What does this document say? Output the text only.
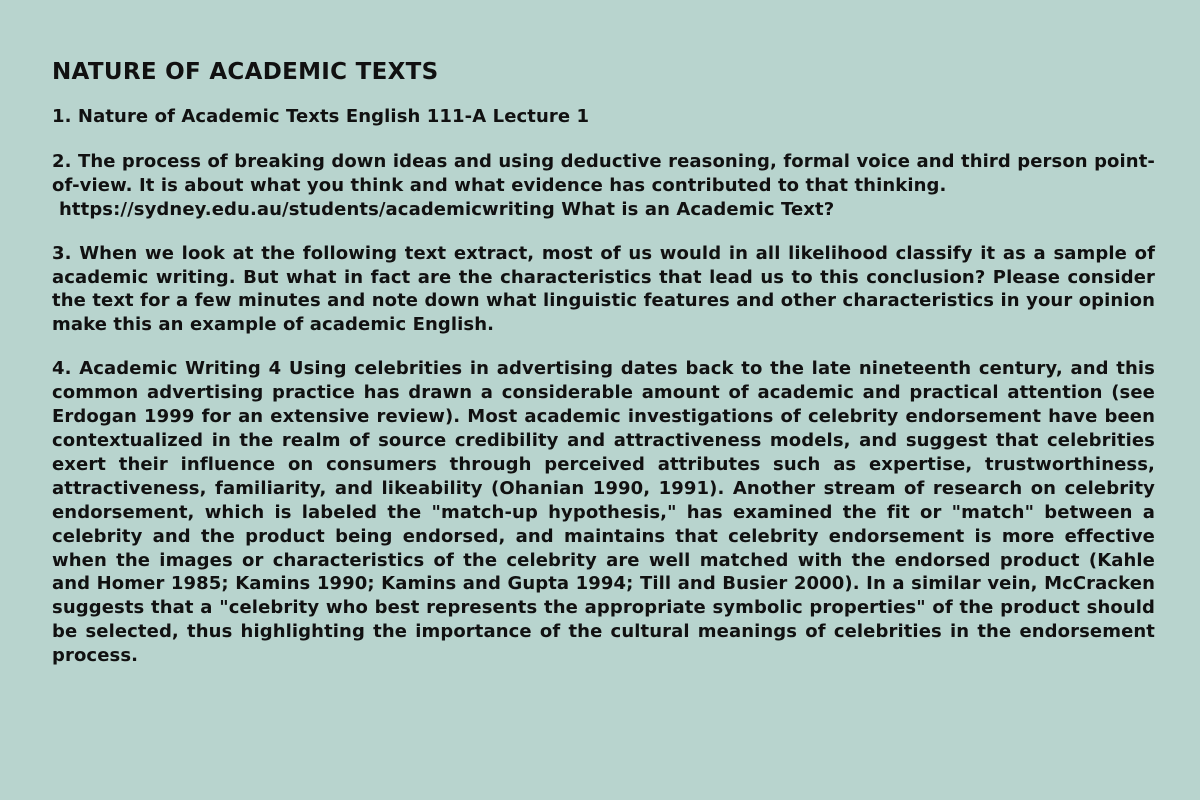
NATURE OF ACADEMIC TEXTS

1. Nature of Academic Texts English 111-A Lecture 1

2. The process of breaking down ideas and using deductive reasoning, formal voice and third person point-of-view. It is about what you think and what evidence has contributed to that thinking.
https://sydney.edu.au/students/academicwriting What is an Academic Text?

3. When we look at the following text extract, most of us would in all likelihood classify it as a sample of academic writing. But what in fact are the characteristics that lead us to this conclusion? Please consider the text for a few minutes and note down what linguistic features and other characteristics in your opinion make this an example of academic English.

4. Academic Writing 4 Using celebrities in advertising dates back to the late nineteenth century, and this common advertising practice has drawn a considerable amount of academic and practical attention (see Erdogan 1999 for an extensive review). Most academic investigations of celebrity endorsement have been contextualized in the realm of source credibility and attractiveness models, and suggest that celebrities exert their influence on consumers through perceived attributes such as expertise, trustworthiness, attractiveness, familiarity, and likeability (Ohanian 1990, 1991). Another stream of research on celebrity endorsement, which is labeled the "match-up hypothesis," has examined the fit or "match" between a celebrity and the product being endorsed, and maintains that celebrity endorsement is more effective when the images or characteristics of the celebrity are well matched with the endorsed product (Kahle and Homer 1985; Kamins 1990; Kamins and Gupta 1994; Till and Busier 2000). In a similar vein, McCracken suggests that a "celebrity who best represents the appropriate symbolic properties" of the product should be selected, thus highlighting the importance of the cultural meanings of celebrities in the endorsement process.
